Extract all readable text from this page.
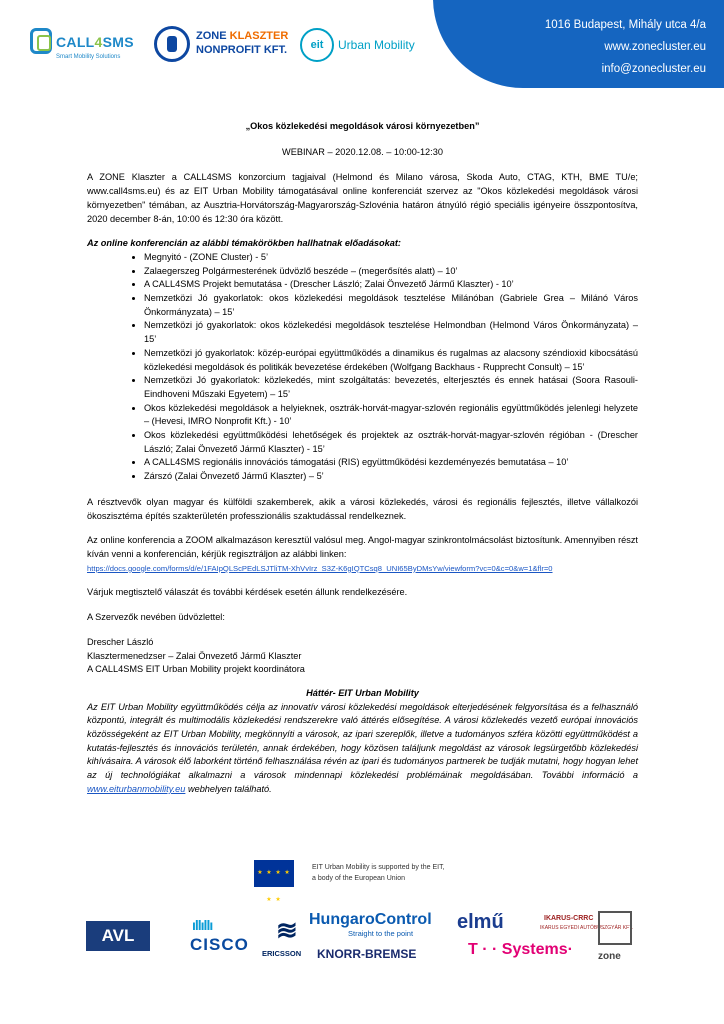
1016 Budapest, Mihály utca 4/a
www.zonecluster.eu
info@zonecluster.eu
CALL4SMS
Smart Mobility Solutions
ZONE KLASZTER
NONPROFIT KFT.	eit	Urban Mobility
„Okos közlekedési megoldások városi környezetben”
WEBINAR – 2020.12.08. – 10:00-12:30

A ZONE Klaszter a CALL4SMS konzorcium tagjaival (Helmond és Milano városa, Skoda Auto, CTAG, KTH, BME TU/e; www.call4sms.eu) és az EIT Urban Mobility támogatásával online konferenciát szervez az "Okos közlekedési megoldások városi környezetben" témában, az Ausztria-Horvátország-Magyarország-Szlovénia határon átnyúló régió speciális igényeire összpontosítva, 2020 december 8-án, 10:00 és 12:30 óra között.

Az online konferencián az alábbi témakörökben hallhatnak előadásokat:
• Megnyitó - (ZONE Cluster) - 5’
• Zalaegerszeg Polgármesterének üdvözlő beszéde – (megerősítés alatt) – 10’
• A CALL4SMS Projekt bemutatása - (Drescher László; Zalai Önvezető Jármű Klaszter) - 10’
• Nemzetközi Jó gyakorlatok: okos közlekedési megoldások tesztelése Milánóban (Gabriele Grea – Milánó Város Önkormányzata) – 15’
• Nemzetközi jó gyakorlatok: okos közlekedési megoldások tesztelése Helmondban (Helmond Város Önkormányzata) – 15’
• Nemzetközi jó gyakorlatok: közép-európai együttműködés a dinamikus és rugalmas az alacsony széndioxid kibocsátású közlekedési megoldások és politikák bevezetése érdekében (Wolfgang Backhaus - Rupprecht Consult) – 15’
• Nemzetközi Jó gyakorlatok: közlekedés, mint szolgáltatás: bevezetés, elterjesztés és ennek hatásai (Soora Rasouli- Eindhoveni Műszaki Egyetem) – 15’
• Okos közlekedési megoldások a helyieknek, osztrák-horvát-magyar-szlovén regionális együttműködés jelenlegi helyzete – (Hevesi, IMRO Nonprofit Kft.) - 10’
• Okos közlekedési együttműködési lehetőségek és projektek az osztrák-horvát-magyar-szlovén régióban - (Drescher László; Zalai Önvezető Jármű Klaszter) - 15’
• A CALL4SMS regionális innovációs támogatási (RIS) együttműködési kezdeményezés bemutatása – 10’
• Zárszó (Zalai Önvezető Jármű Klaszter) – 5’

A résztvevők olyan magyar és külföldi szakemberek, akik a városi közlekedés, városi és regionális fejlesztés, illetve vállalkozói ökoszisztéma építés szakterületén professzionális szaktudással rendelkeznek.

Az online konferencia a ZOOM alkalmazáson keresztül valósul meg. Angol-magyar szinkrontolmácsolást biztosítunk. Amennyiben részt kíván venni a konferencián, kérjük regisztráljon az alábbi linken:
https://docs.google.com/forms/d/e/1FAIpQLScPEdLSJTliTM-XhVvIrz_S3Z-K6gIQTCsq8_UNI65ByDMsYw/viewform?vc=0&c=0&w=1&flr=0

Várjuk megtisztelő válaszát és további kérdések esetén állunk rendelkezésére.

A Szervezők nevében üdvözlettel:

Drescher László
Klasztermenedzser – Zalai Önvezető Jármű Klaszter
A CALL4SMS EIT Urban Mobility projekt koordinátora
Háttér- EIT Urban Mobility
Az EIT Urban Mobility együttműködés célja az innovatív városi közlekedési megoldások elterjedésének felgyorsítása és a felhasználó központú, integrált és multimodális közlekedési rendszerekre való áttérés elősegítése. A városi közlekedés vezető európai innovációs közösségeként az EIT Urban Mobility, megkönnyíti a városok, az ipari szereplők, illetve a tudományos szféra közötti együttműködést a kutatás-fejlesztés és innovációs területén, annak érdekében, hogy közösen találjunk megoldást az városok legsürgetőbb közlekedési kihívásaira. A városok élő laborként történő felhasználása révén az ipari és tudományos partnerek be tudják mutatni, hogy hogyan lehet az új technológiákat alkalmazni a városok mindennapi közlekedési problémáinak megoldásában. További információ a www.eiturbanmobility.eu webhelyen található.
★ ★ ★ ★ ★ ★
EIT Urban Mobility is supported by the EIT,
a body of the European Union
AVL
ıllıllı
CISCO ≋
ERICSSON
HungaroControl
Straight to the point
KNORR-BREMSE
elmű
T · · Systems·
IKARUS-CRRC
IKARUS EGYEDI AUTÓBUSZGYÁR KFT.
zone
